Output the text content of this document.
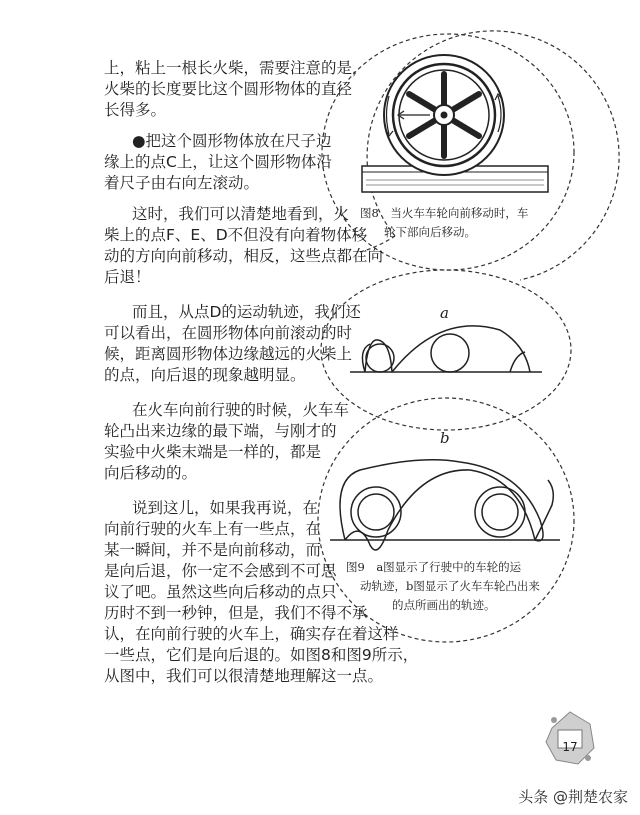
a
b
17
上，粘上一根长火柴，需要注意的是，
火柴的长度要比这个圆形物体的直径
长得多。
●把这个圆形物体放在尺子边
缘上的点C上，让这个圆形物体沿
着尺子由右向左滚动。
这时，我们可以清楚地看到，火
柴上的点F、E、D不但没有向着物体移
动的方向向前移动，相反，这些点都在向
后退！
而且，从点D的运动轨迹，我们还
可以看出，在圆形物体向前滚动的时
候，距离圆形物体边缘越远的火柴上
的点，向后退的现象越明显。
在火车向前行驶的时候，火车车
轮凸出来边缘的最下端，与刚才的
实验中火柴末端是一样的，都是
向后移动的。
说到这儿，如果我再说，在
向前行驶的火车上有一些点，在
某一瞬间，并不是向前移动，而
是向后退，你一定不会感到不可思
议了吧。虽然这些向后移动的点只
历时不到一秒钟，但是，我们不得不承
认，在向前行驶的火车上，确实存在着这样
一些点，它们是向后退的。如图8和图9所示，
从图中，我们可以很清楚地理解这一点。
图8　当火车车轮向前移动时，车
轮下部向后移动。
图9　a图显示了行驶中的车轮的运
动轨迹，b图显示了火车车轮凸出来
的点所画出的轨迹。
头条 @荆楚农家
